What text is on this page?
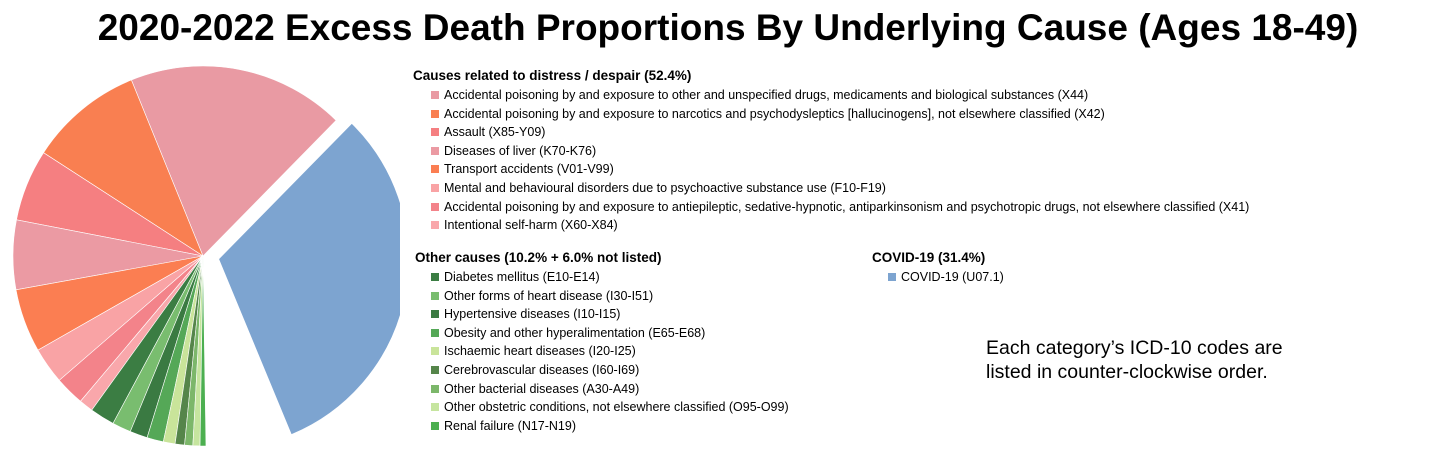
2020-2022 Excess Death Proportions By Underlying Cause (Ages 18-49)
Causes related to distress / despair (52.4%)
Accidental poisoning by and exposure to other and unspecified drugs, medicaments and biological substances (X44)
Accidental poisoning by and exposure to narcotics and psychodysleptics [hallucinogens], not elsewhere classified (X42)
Assault (X85-Y09)
Diseases of liver (K70-K76)
Transport accidents (V01-V99)
Mental and behavioural disorders due to psychoactive substance use (F10-F19)
Accidental poisoning by and exposure to antiepileptic, sedative-hypnotic, antiparkinsonism and psychotropic drugs, not elsewhere classified (X41)
Intentional self-harm (X60-X84)
Other causes (10.2% + 6.0% not listed)
Diabetes mellitus (E10-E14)
Other forms of heart disease (I30-I51)
Hypertensive diseases (I10-I15)
Obesity and other hyperalimentation (E65-E68)
Ischaemic heart diseases (I20-I25)
Cerebrovascular diseases (I60-I69)
Other bacterial diseases (A30-A49)
Other obstetric conditions, not elsewhere classified (O95-O99)
Renal failure (N17-N19)
COVID-19 (31.4%)
COVID-19 (U07.1)
Each category’s ICD-10 codes are
listed in counter-clockwise order.
